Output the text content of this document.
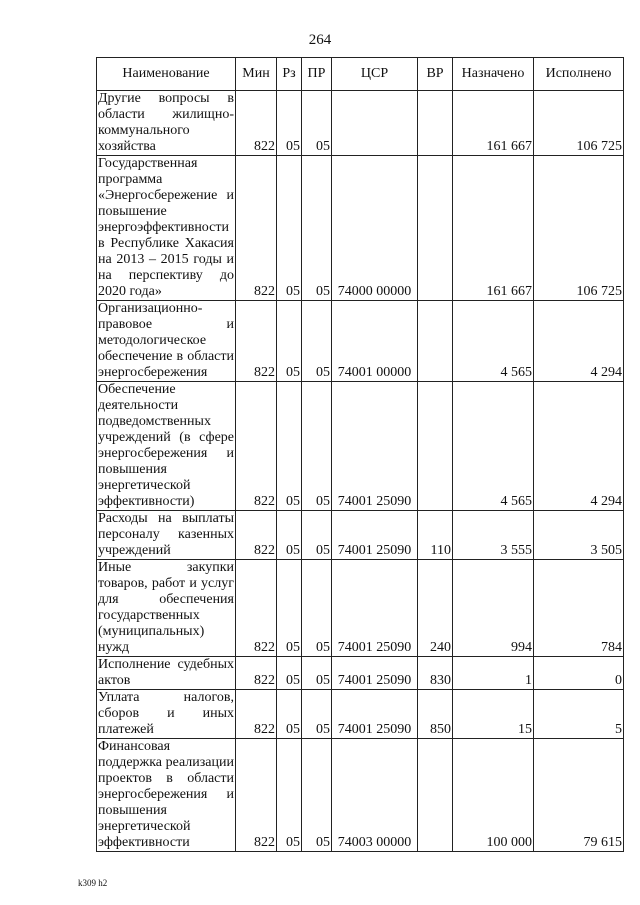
264
Наименование	Мин	Рз	ПР	ЦСР	ВР	Назначено	Исполнено
Другие вопросы в области жилищно-коммунального хозяйства	822	05	05			161 667	106 725
Государственная программа «Энергосбережение и повышение энергоэффективности в Республике Хакасия на 2013 – 2015 годы и на перспективу до 2020 года»	822	05	05	74000 00000		161 667	106 725
Организационно-правовое и методологическое обеспечение в области энергосбережения	822	05	05	74001 00000		4 565	4 294
Обеспечение деятельности подведомственных учреждений (в сфере энергосбережения и повышения энергетической эффективности)	822	05	05	74001 25090		4 565	4 294
Расходы на выплаты персоналу казенных учреждений	822	05	05	74001 25090	110	3 555	3 505
Иные закупки товаров, работ и услуг для обеспечения государственных (муниципальных) нужд	822	05	05	74001 25090	240	994	784
Исполнение судебных актов	822	05	05	74001 25090	830	1	0
Уплата налогов, сборов и иных платежей	822	05	05	74001 25090	850	15	5
Финансовая поддержка реализации проектов в области энергосбережения и повышения энергетической эффективности	822	05	05	74003 00000		100 000	79 615
k309 h2
